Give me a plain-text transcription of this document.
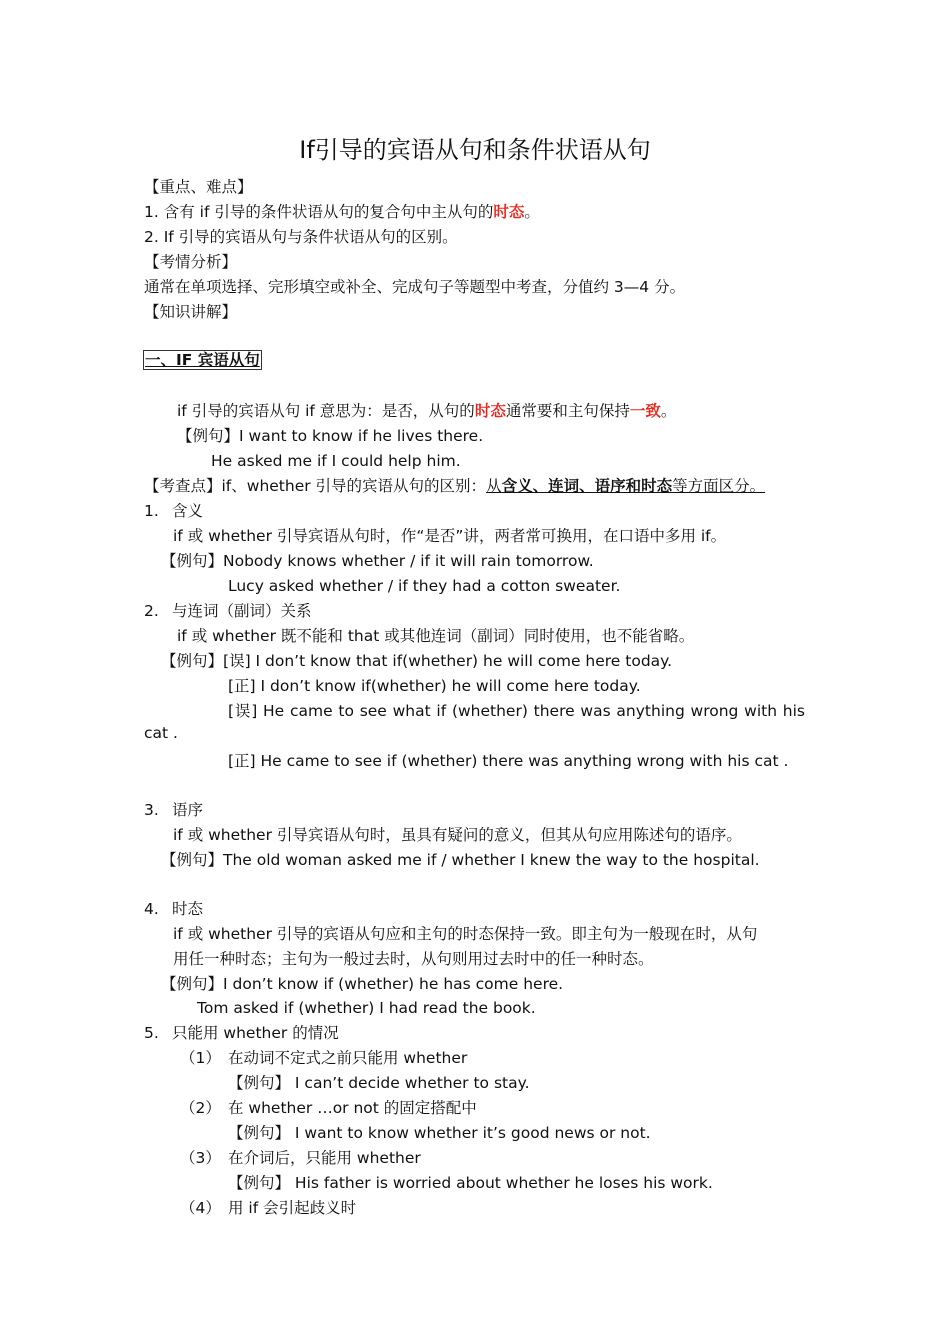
If引导的宾语从句和条件状语从句
【重点、难点】
1. 含有 if 引导的条件状语从句的复合句中主从句的时态。
2. If 引导的宾语从句与条件状语从句的区别。
【考情分析】
通常在单项选择、完形填空或补全、完成句子等题型中考查，分值约 3—4 分。
【知识讲解】
一、IF 宾语从句
if 引导的宾语从句 if 意思为：是否，从句的时态通常要和主句保持一致。
【例句】I want to know if he lives there.
He asked me if I could help him.
【考查点】if、whether 引导的宾语从句的区别：从含义、连词、语序和时态等方面区分。
1. 含义
if 或 whether 引导宾语从句时，作“是否”讲，两者常可换用，在口语中多用 if。
【例句】Nobody knows whether / if it will rain tomorrow.
Lucy asked whether / if they had a cotton sweater.
2. 与连词（副词）关系
if 或 whether 既不能和 that 或其他连词（副词）同时使用，也不能省略。
【例句】[误] I don’t know that if(whether) he will come here today.
[正] I don’t know if(whether) he will come here today.
[误] He came to see what if (whether) there was anything wrong with his cat .
[正] He came to see if (whether) there was anything wrong with his cat .
3. 语序
if 或 whether 引导宾语从句时，虽具有疑问的意义，但其从句应用陈述句的语序。
【例句】The old woman asked me if / whether I knew the way to the hospital.
4. 时态
if 或 whether 引导的宾语从句应和主句的时态保持一致。即主句为一般现在时，从句
用任一种时态；主句为一般过去时，从句则用过去时中的任一种时态。
【例句】I don’t know if (whether) he has come here.
Tom asked if (whether) I had read the book.
5. 只能用 whether 的情况
（1） 在动词不定式之前只能用 whether
【例句】 I can’t decide whether to stay.
（2） 在 whether …or not 的固定搭配中
【例句】 I want to know whether it’s good news or not.
（3） 在介词后，只能用 whether
【例句】 His father is worried about whether he loses his work.
（4） 用 if 会引起歧义时
